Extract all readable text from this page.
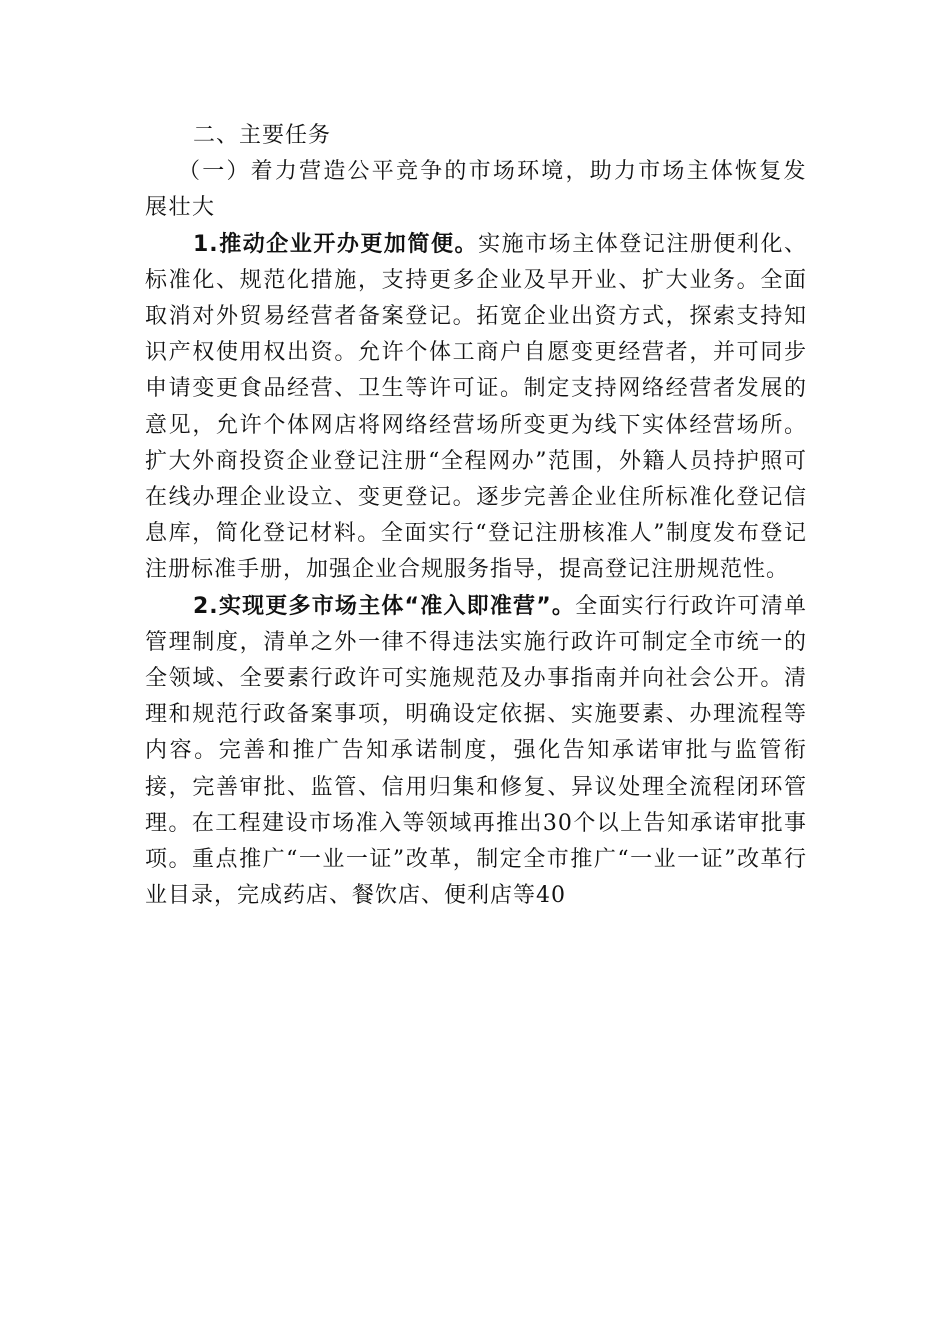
二、主要任务

（一）着力营造公平竞争的市场环境，助力市场主体恢复发展壮大

1.推动企业开办更加简便。实施市场主体登记注册便利化、标准化、规范化措施，支持更多企业及早开业、扩大业务。全面取消对外贸易经营者备案登记。拓宽企业出资方式，探索支持知识产权使用权出资。允许个体工商户自愿变更经营者，并可同步申请变更食品经营、卫生等许可证。制定支持网络经营者发展的意见，允许个体网店将网络经营场所变更为线下实体经营场所。扩大外商投资企业登记注册“全程网办”范围，外籍人员持护照可在线办理企业设立、变更登记。逐步完善企业住所标准化登记信息库，简化登记材料。全面实行“登记注册核准人”制度发布登记注册标准手册，加强企业合规服务指导，提高登记注册规范性。

2.实现更多市场主体“准入即准营”。全面实行行政许可清单管理制度，清单之外一律不得违法实施行政许可制定全市统一的全领域、全要素行政许可实施规范及办事指南并向社会公开。清理和规范行政备案事项，明确设定依据、实施要素、办理流程等内容。完善和推广告知承诺制度，强化告知承诺审批与监管衔接，完善审批、监管、信用归集和修复、异议处理全流程闭环管理。在工程建设市场准入等领域再推出30个以上告知承诺审批事项。重点推广“一业一证”改革，制定全市推广“一业一证”改革行业目录，完成药店、餐饮店、便利店等40
